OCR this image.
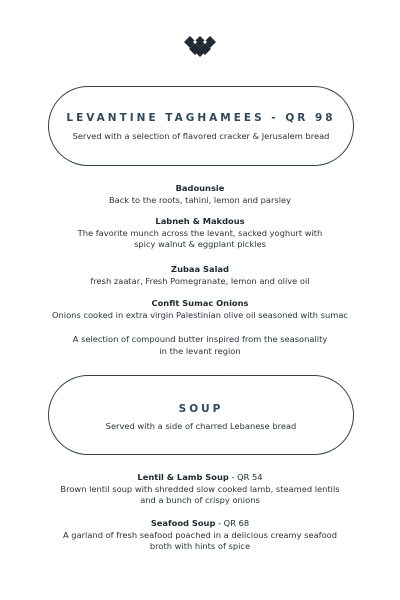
LEVANTINE TAGHAMEES - QR 98
Served with a selection of flavored cracker & Jerusalem bread
Badounsie
Back to the roots, tahini, lemon and parsley
Labneh & Makdous
The favorite munch across the levant, sacked yoghurt with
spicy walnut & eggplant pickles
Zubaa Salad
fresh zaatar, Fresh Pomegranate, lemon and olive oil
Confit Sumac Onions
Onions cooked in extra virgin Palestinian olive oil seasoned with sumac
A selection of compound butter inspired from the seasonality
in the levant region
SOUP
Served with a side of charred Lebanese bread
Lentil & Lamb Soup - QR 54
Brown lentil soup with shredded slow cooked lamb, steamed lentils
and a bunch of crispy onions
Seafood Soup - QR 68
A garland of fresh seafood poached in a delicious creamy seafood
broth with hints of spice
